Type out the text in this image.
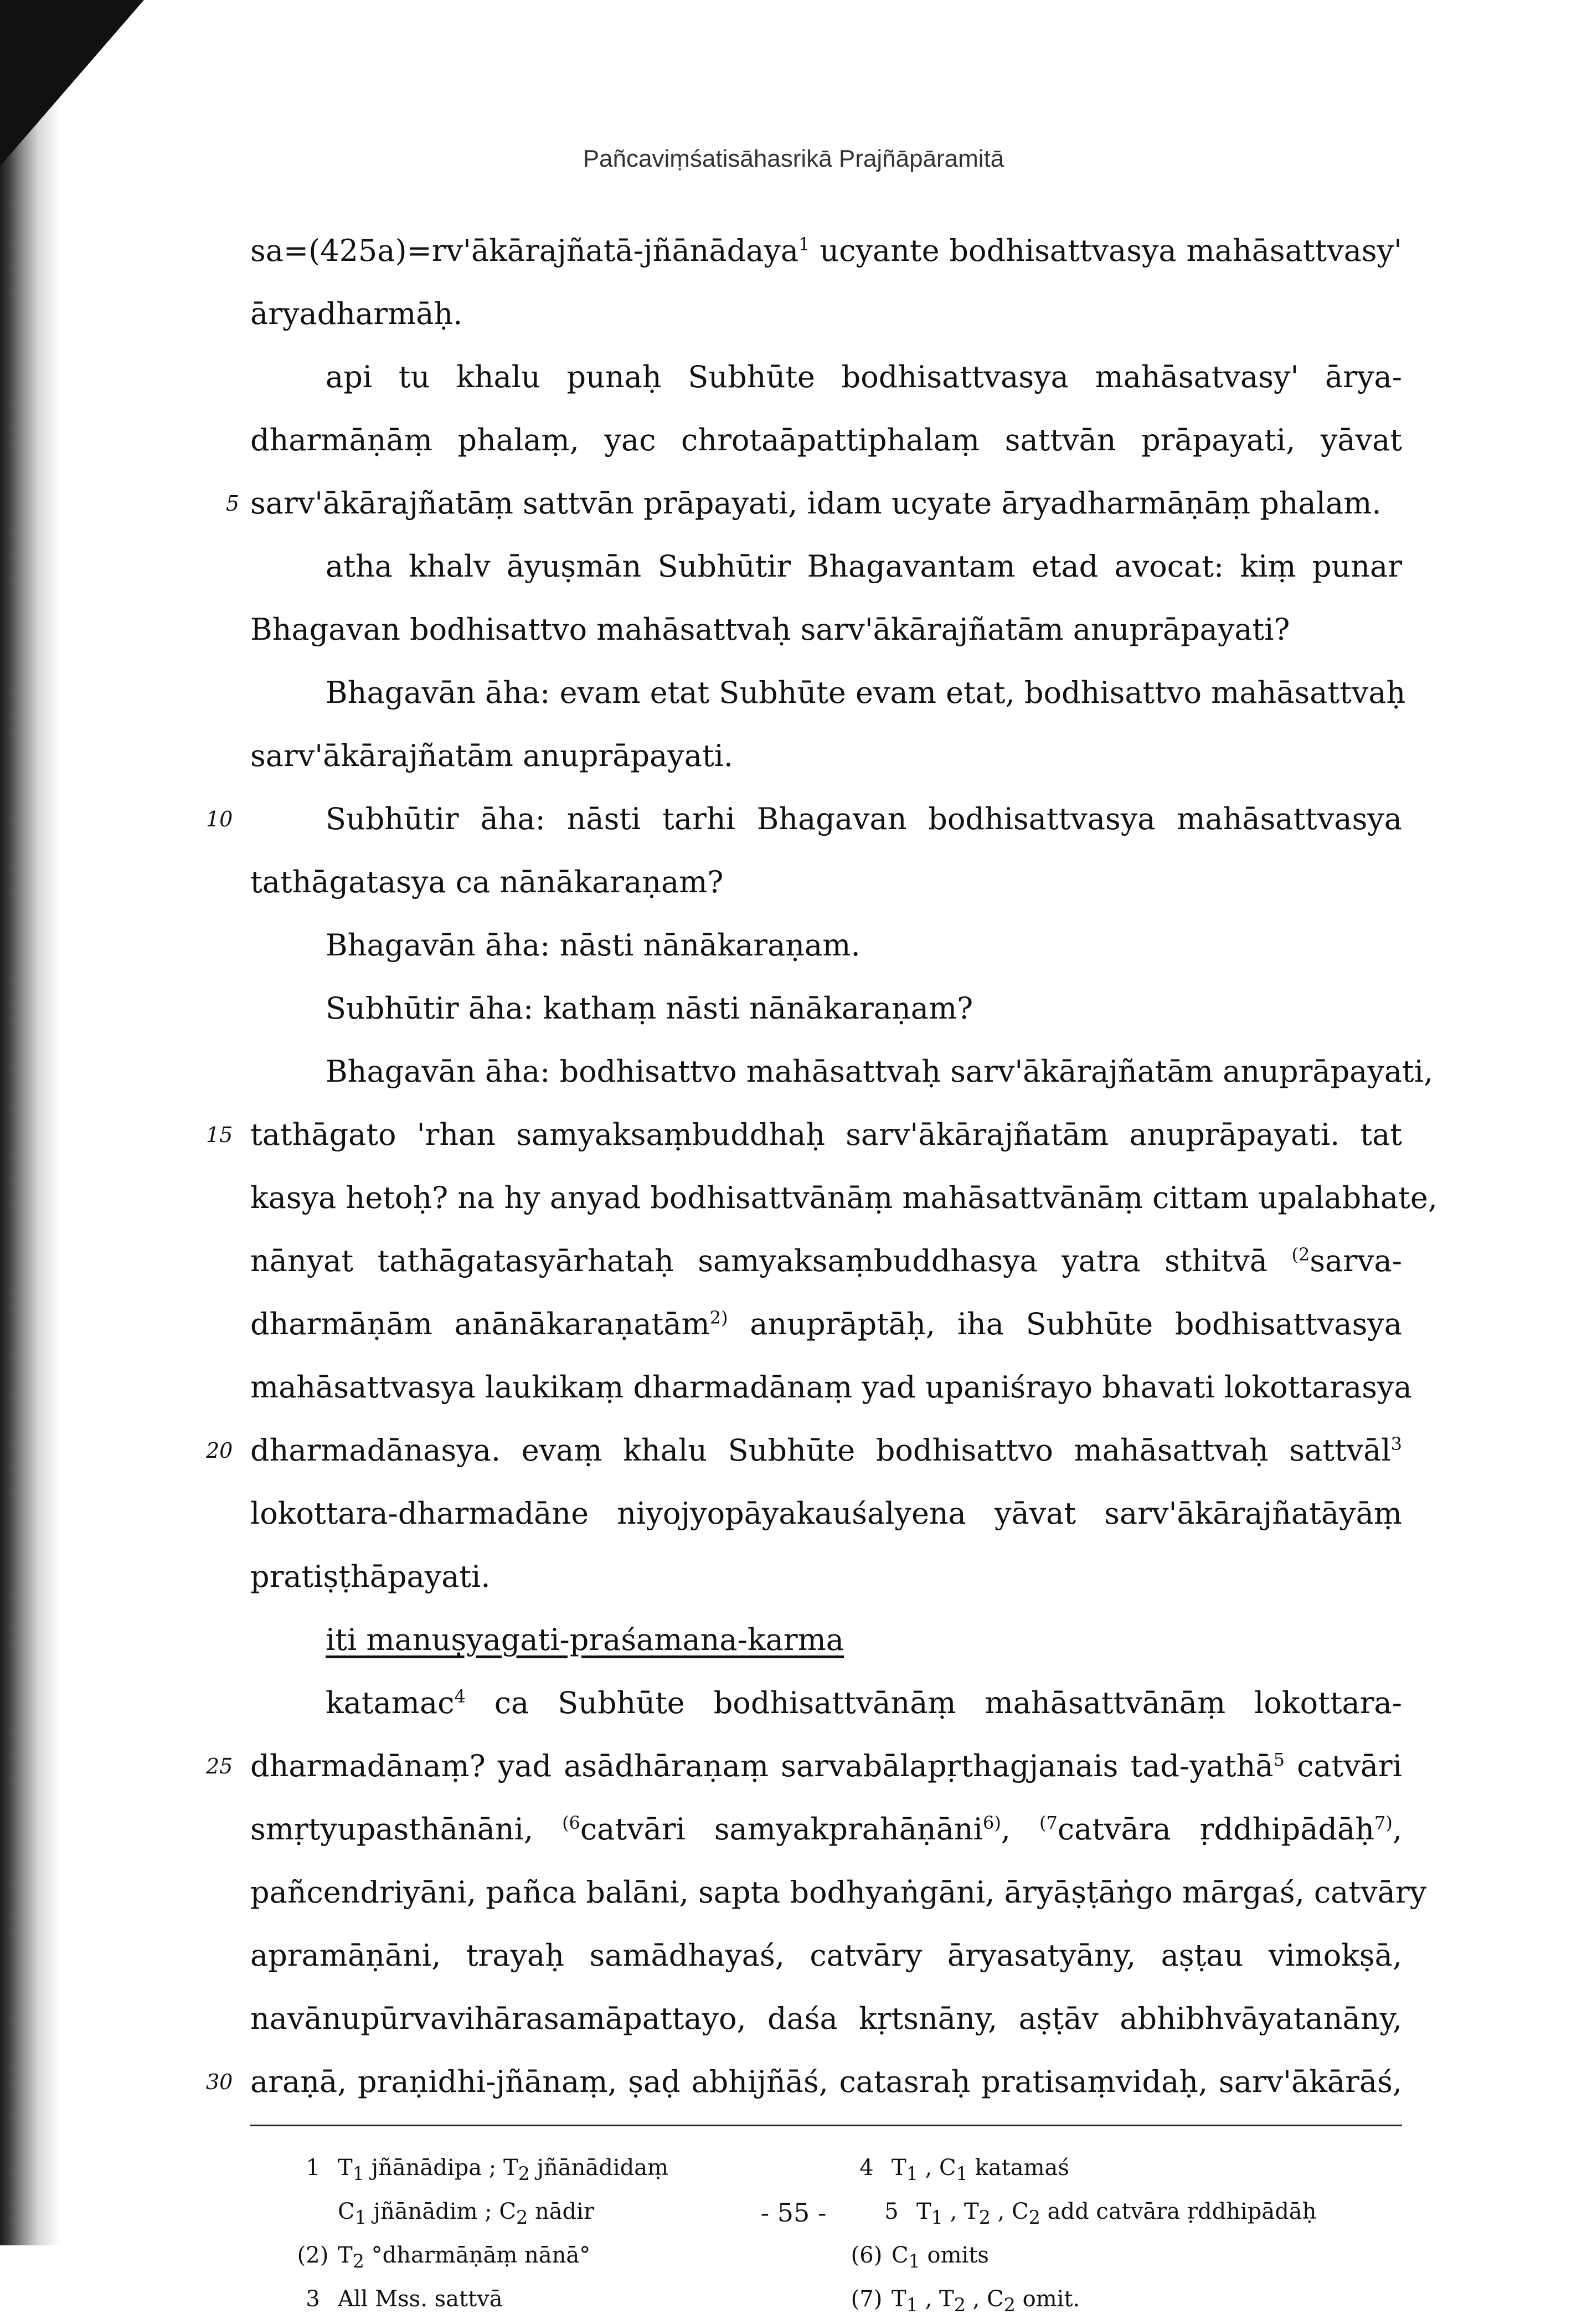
Pañcaviṃśatisāhasrikā Prajñāpāramitā
sa=(425a)=rv'ākārajñatā-jñānādaya$^1$ ucyante bodhisattvasya mahāsattvasy'
āryadharmāḥ.
api tu khalu punaḥ Subhūte bodhisattvasya mahāsatvasy' ārya-
dharmāṇāṃ phalaṃ, yac chrotaāpattiphalaṃ sattvān prāpayati, yāvat
5 sarv'ākārajñatāṃ sattvān prāpayati, idam ucyate āryadharmāṇāṃ phalam.
atha khalv āyuṣmān Subhūtir Bhagavantam etad avocat: kiṃ punar
Bhagavan bodhisattvo mahāsattvaḥ sarv'ākārajñatām anuprāpayati?
Bhagavān āha: evam etat Subhūte evam etat, bodhisattvo mahāsattvaḥ
sarv'ākārajñatām anuprāpayati.
10	Subhūtir āha: nāsti tarhi Bhagavan bodhisattvasya mahāsattvasya
tathāgatasya ca nānākaraṇam?
Bhagavān āha: nāsti nānākaraṇam.
Subhūtir āha: kathaṃ nāsti nānākaraṇam?
Bhagavān āha: bodhisattvo mahāsattvaḥ sarv'ākārajñatām anuprāpayati,
15 tathāgato 'rhan samyaksaṃbuddhaḥ sarv'ākārajñatām anuprāpayati. tat
kasya hetoḥ? na hy anyad bodhisattvānāṃ mahāsattvānāṃ cittam upalabhate,
nānyat tathāgatasyārhataḥ samyaksaṃbuddhasya yatra sthitvā $^{(2}$sarva-
dharmāṇām anānākaraṇatām$^{2)}$ anuprāptāḥ, iha Subhūte bodhisattvasya
mahāsattvasya laukikaṃ dharmadānaṃ yad upaniśrayo bhavati lokottarasya
20 dharmadānasya. evaṃ khalu Subhūte bodhisattvo mahāsattvaḥ sattvāl$^3$
lokottara-dharmadāne niyojyopāyakauśalyena yāvat sarv'ākārajñatāyāṃ
pratiṣṭhāpayati.
iti manuṣyagati-praśamana-karma
katamac$^4$ ca Subhūte bodhisattvānāṃ mahāsattvānāṃ lokottara-
25 dharmadānaṃ? yad asādhāraṇaṃ sarvabālapṛthagjanais tad-yathā$^5$ catvāri
smṛtyupasthānāni, $^{(6}$catvāri samyakprahāṇāni$^{6)}$, $^{(7}$catvāra ṛddhipādāḥ$^{7)}$,
pañcendriyāni, pañca balāni, sapta bodhyaṅgāni, āryāṣṭāṅgo mārgaś, catvāry
apramāṇāni, trayaḥ samādhayaś, catvāry āryasatyāny, aṣṭau vimokṣā,
navānupūrvavihārasamāpattayo, daśa kṛtsnāny, aṣṭāv abhibhvāyatanāny,
30 araṇā, praṇidhi-jñānaṃ, ṣaḍ abhijñāś, catasraḥ pratisaṃvidaḥ, sarv'ākārāś,
1 $T_1$ jñānādipa ; $T_2$ jñānādidaṃ	4 $T_1$ , $C_1$ katamaś
$C_1$ jñānādim ; $C_2$ nādir	5 $T_1$ , $T_2$ , $C_2$ add catvāra ṛddhipādāḥ
(2) $T_2$ °dharmāṇāṃ nānā°	(6) $C_1$ omits
3 All Mss. sattvā	(7) $T_1$ , $T_2$ , $C_2$ omit.
- 55 -
